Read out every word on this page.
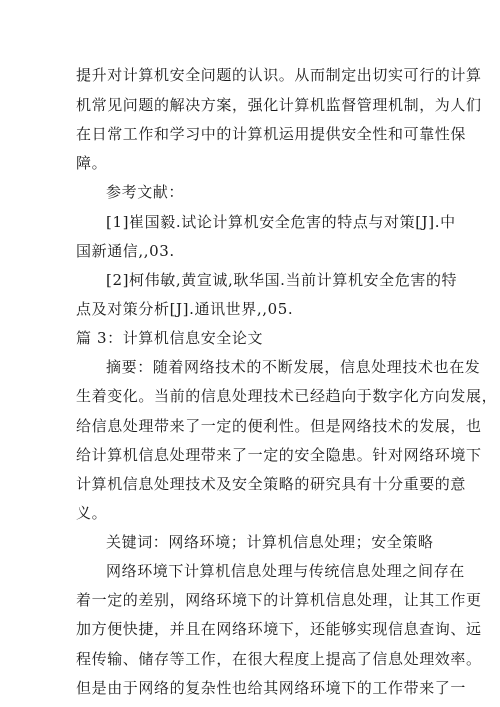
提升对计算机安全问题的认识。从而制定出切实可行的计算
机常见问题的解决方案，强化计算机监督管理机制，为人们
在日常工作和学习中的计算机运用提供安全性和可靠性保
障。
参考文献：
[1]崔国毅.试论计算机安全危害的特点与对策[J].中
国新通信,,03.
[2]柯伟敏,黄宣诚,耿华国.当前计算机安全危害的特
点及对策分析[J].通讯世界,,05.
篇 3：计算机信息安全论文
摘要：随着网络技术的不断发展，信息处理技术也在发
生着变化。当前的信息处理技术已经趋向于数字化方向发展，
给信息处理带来了一定的便利性。但是网络技术的发展，也
给计算机信息处理带来了一定的安全隐患。针对网络环境下
计算机信息处理技术及安全策略的研究具有十分重要的意
义。
关键词：网络环境；计算机信息处理；安全策略
网络环境下计算机信息处理与传统信息处理之间存在
着一定的差别，网络环境下的计算机信息处理，让其工作更
加方便快捷，并且在网络环境下，还能够实现信息查询、远
程传输、储存等工作，在很大程度上提高了信息处理效率。
但是由于网络的复杂性也给其网络环境下的工作带来了一
